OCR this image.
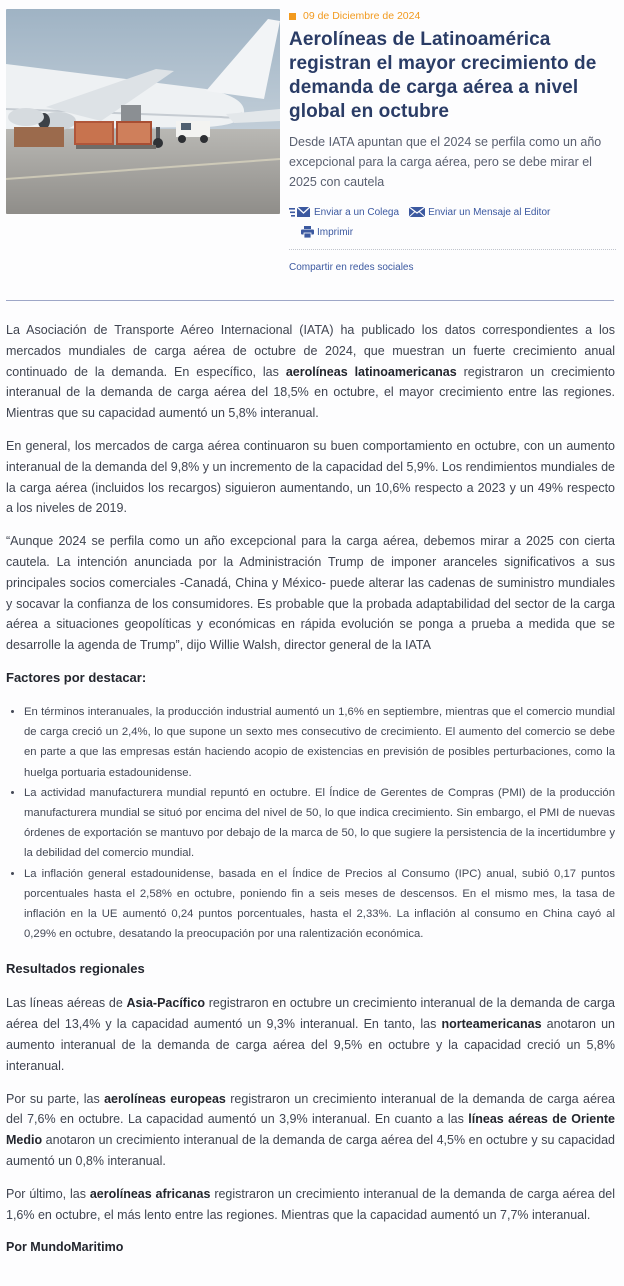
09 de Diciembre de 2024
Aerolíneas de Latinoamérica registran el mayor crecimiento de demanda de carga aérea a nivel global en octubre

Desde IATA apuntan que el 2024 se perfila como un año excepcional para la carga aérea, pero se debe mirar el 2025 con cautela

Enviar a un Colega	Enviar un Mensaje al Editor
Imprimir
Compartir en redes sociales

La Asociación de Transporte Aéreo Internacional (IATA) ha publicado los datos correspondientes a los mercados mundiales de carga aérea de octubre de 2024, que muestran un fuerte crecimiento anual continuado de la demanda. En específico, las aerolíneas latinoamericanas registraron un crecimiento interanual de la demanda de carga aérea del 18,5% en octubre, el mayor crecimiento entre las regiones. Mientras que su capacidad aumentó un 5,8% interanual.

En general, los mercados de carga aérea continuaron su buen comportamiento en octubre, con un aumento interanual de la demanda del 9,8% y un incremento de la capacidad del 5,9%. Los rendimientos mundiales de la carga aérea (incluidos los recargos) siguieron aumentando, un 10,6% respecto a 2023 y un 49% respecto a los niveles de 2019.

“Aunque 2024 se perfila como un año excepcional para la carga aérea, debemos mirar a 2025 con cierta cautela. La intención anunciada por la Administración Trump de imponer aranceles significativos a sus principales socios comerciales -Canadá, China y México- puede alterar las cadenas de suministro mundiales y socavar la confianza de los consumidores. Es probable que la probada adaptabilidad del sector de la carga aérea a situaciones geopolíticas y económicas en rápida evolución se ponga a prueba a medida que se desarrolle la agenda de Trump”, dijo Willie Walsh, director general de la IATA

Factores por destacar:
• En términos interanuales, la producción industrial aumentó un 1,6% en septiembre, mientras que el comercio mundial de carga creció un 2,4%, lo que supone un sexto mes consecutivo de crecimiento. El aumento del comercio se debe en parte a que las empresas están haciendo acopio de existencias en previsión de posibles perturbaciones, como la huelga portuaria estadounidense.
• La actividad manufacturera mundial repuntó en octubre. El Índice de Gerentes de Compras (PMI) de la producción manufacturera mundial se situó por encima del nivel de 50, lo que indica crecimiento. Sin embargo, el PMI de nuevas órdenes de exportación se mantuvo por debajo de la marca de 50, lo que sugiere la persistencia de la incertidumbre y la debilidad del comercio mundial.
• La inflación general estadounidense, basada en el Índice de Precios al Consumo (IPC) anual, subió 0,17 puntos porcentuales hasta el 2,58% en octubre, poniendo fin a seis meses de descensos. En el mismo mes, la tasa de inflación en la UE aumentó 0,24 puntos porcentuales, hasta el 2,33%. La inflación al consumo en China cayó al 0,29% en octubre, desatando la preocupación por una ralentización económica.
Resultados regionales

Las líneas aéreas de Asia-Pacífico registraron en octubre un crecimiento interanual de la demanda de carga aérea del 13,4% y la capacidad aumentó un 9,3% interanual. En tanto, las norteamericanas anotaron un aumento interanual de la demanda de carga aérea del 9,5% en octubre y la capacidad creció un 5,8% interanual.

Por su parte, las aerolíneas europeas registraron un crecimiento interanual de la demanda de carga aérea del 7,6% en octubre. La capacidad aumentó un 3,9% interanual. En cuanto a las líneas aéreas de Oriente Medio anotaron un crecimiento interanual de la demanda de carga aérea del 4,5% en octubre y su capacidad aumentó un 0,8% interanual.

Por último, las aerolíneas africanas registraron un crecimiento interanual de la demanda de carga aérea del 1,6% en octubre, el más lento entre las regiones. Mientras que la capacidad aumentó un 7,7% interanual.

Por MundoMaritimo
